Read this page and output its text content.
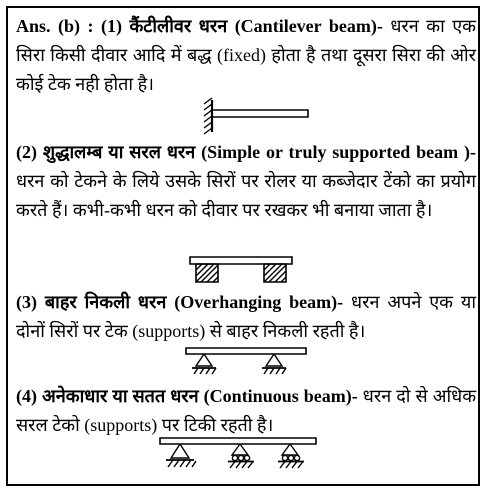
Ans. (b) : (1) कैंटीलीवर धरन (Cantilever beam)- धरन का एक सिरा किसी दीवार आदि में बद्ध (fixed) होता है तथा दूसरा सिरा की ओर कोई टेक नही होता है।

(2) शुद्धालम्ब या सरल धरन (Simple or truly supported beam )- धरन को टेकने के लिये उसके सिरों पर रोलर या कब्जेदार टेंको का प्रयोग करते हैं। कभी-कभी धरन को दीवार पर रखकर भी बनाया जाता है।

(3) बाहर निकली धरन (Overhanging beam)- धरन अपने एक या दोनों सिरों पर टेक (supports) से बाहर निकली रहती है।

(4) अनेकाधार या सतत धरन (Continuous beam)- धरन दो से अधिक सरल टेको (supports) पर टिकी रहती है।
